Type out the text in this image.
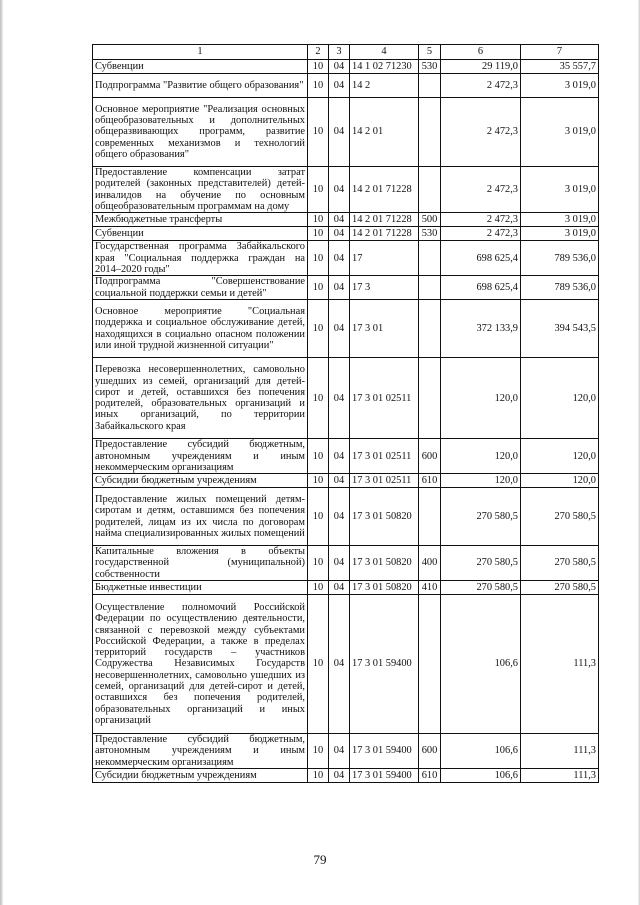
1	2	3	4	5	6	7
Субвенции	10	04	14 1 02 71230	530	29 119,0	35 557,7
Подпрограмма "Развитие общего образования"	10	04	14 2		2 472,3	3 019,0
Основное мероприятие "Реализация основных общеобразовательных и дополнительных общеразвивающих программ, развитие современных механизмов и технологий общего образования"	10	04	14 2 01		2 472,3	3 019,0
Предоставление компенсации затрат родителей (законных представителей) детей-инвалидов на обучение по основным общеобразовательным программам на дому	10	04	14 2 01 71228		2 472,3	3 019,0
Межбюджетные трансферты	10	04	14 2 01 71228	500	2 472,3	3 019,0
Субвенции	10	04	14 2 01 71228	530	2 472,3	3 019,0
Государственная программа Забайкальского края "Социальная поддержка граждан на 2014–2020 годы"	10	04	17		698 625,4	789 536,0
Подпрограмма "Совершенствование социальной поддержки семьи и детей"	10	04	17 3		698 625,4	789 536,0
Основное мероприятие "Социальная поддержка и социальное обслуживание детей, находящихся в социально опасном положении или иной трудной жизненной ситуации"	10	04	17 3 01		372 133,9	394 543,5
Перевозка несовершеннолетних, самовольно ушедших из семей, организаций для детей-сирот и детей, оставшихся без попечения родителей, образовательных организаций и иных организаций, по территории Забайкальского края	10	04	17 3 01 02511		120,0	120,0
Предоставление субсидий бюджетным, автономным учреждениям и иным некоммерческим организациям	10	04	17 3 01 02511	600	120,0	120,0
Субсидии бюджетным учреждениям	10	04	17 3 01 02511	610	120,0	120,0
Предоставление жилых помещений детям-сиротам и детям, оставшимся без попечения родителей, лицам из их числа по договорам найма специализированных жилых помещений	10	04	17 3 01 50820		270 580,5	270 580,5
Капитальные вложения в объекты государственной (муниципальной) собственности	10	04	17 3 01 50820	400	270 580,5	270 580,5
Бюджетные инвестиции	10	04	17 3 01 50820	410	270 580,5	270 580,5
Осуществление полномочий Российской Федерации по осуществлению деятельности, связанной с перевозкой между субъектами Российской Федерации, а также в пределах территорий государств – участников Содружества Независимых Государств несовершеннолетних, самовольно ушедших из семей, организаций для детей-сирот и детей, оставшихся без попечения родителей, образовательных организаций и иных организаций	10	04	17 3 01 59400		106,6	111,3
Предоставление субсидий бюджетным, автономным учреждениям и иным некоммерческим организациям	10	04	17 3 01 59400	600	106,6	111,3
Субсидии бюджетным учреждениям	10	04	17 3 01 59400	610	106,6	111,3
79
